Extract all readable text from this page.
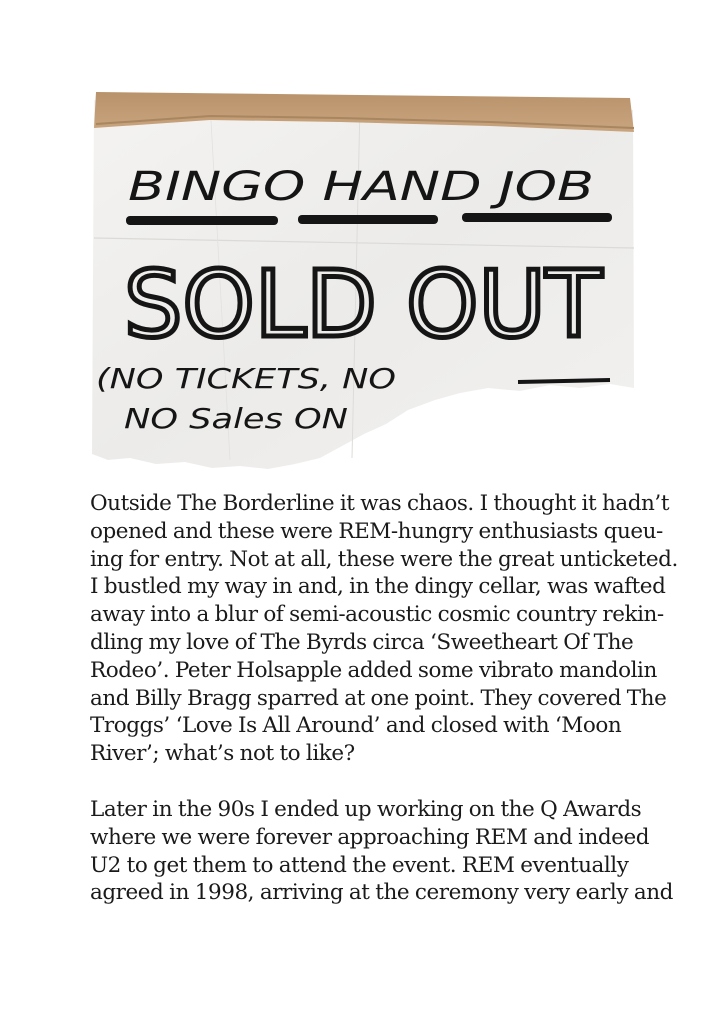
BINGO HAND JOB
SOLD OUT
(NO TICKETS, NO
NO Sales ON

Outside The Borderline it was chaos. I thought it hadn’t

opened and these were REM-hungry enthusiasts queu-

ing for entry. Not at all, these were the great unticketed.

I bustled my way in and, in the dingy cellar, was wafted

away into a blur of semi-acoustic cosmic country rekin-

dling my love of The Byrds circa ‘Sweetheart Of The

Rodeo’. Peter Holsapple added some vibrato mandolin

and Billy Bragg sparred at one point. They covered The

Troggs’ ‘Love Is All Around’ and closed with ‘Moon

River’; what’s not to like?

Later in the 90s I ended up working on the Q Awards

where we were forever approaching REM and indeed

U2 to get them to attend the event. REM eventually

agreed in 1998, arriving at the ceremony very early and
